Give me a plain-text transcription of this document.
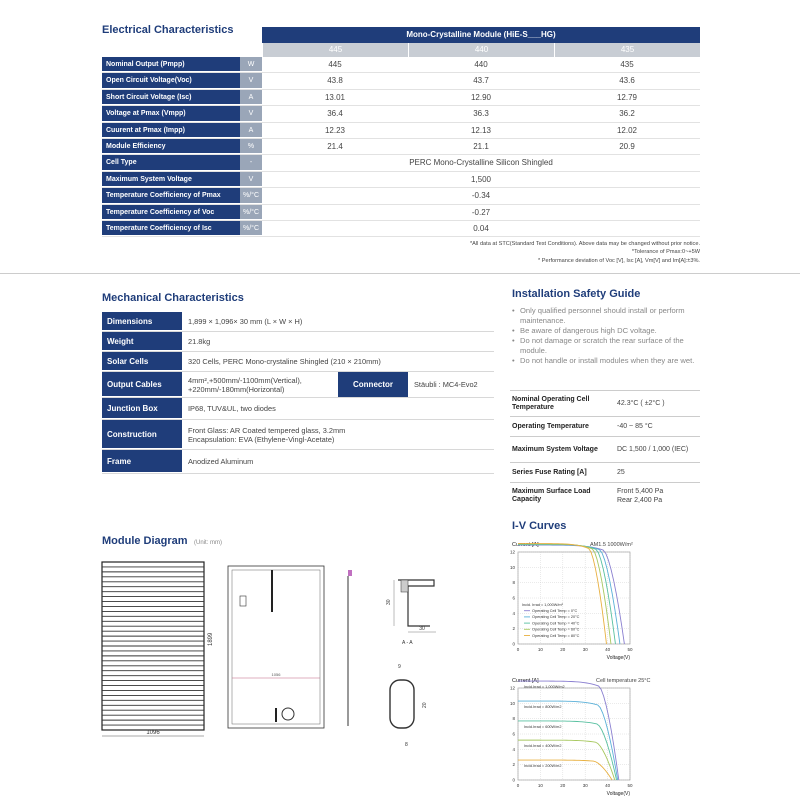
Electrical Characteristics	Mono-Crystalline Module (HiE-S___HG)
445	440	435
Nominal Output (Pmpp)	W	445	440	435
Open Circuit Voltage(Voc)	V	43.8	43.7	43.6
Short Circuit Voltage (Isc)	A	13.01	12.90	12.79
Voltage at Pmax (Vmpp)	V	36.4	36.3	36.2
Cuurent at Pmax (Impp)	A	12.23	12.13	12.02
Module Efficiency	%	21.4	21.1	20.9
Cell Type	-	PERC Mono-Crystalline Silicon Shingled
Maximum System Voltage	V	1,500
Temperature Coefficiency of Pmax	%/°C	-0.34
Temperature Coefficiency of Voc	%/°C	-0.27
Temperature Coefficiency of Isc	%/°C	0.04
*All data at STC(Standard Test Conditions). Above data may be changed without prior notice.
*Tolerance of Pmax:0~+5W
* Performance deviation of Voc [V], Isc [A], Vm[V] and Im[A]:±3%.
Mechanical Characteristics
Dimensions	1,899 × 1,096× 30 mm (L × W × H)
Weight	21.8kg
Solar Cells	320 Cells, PERC Mono-crystaline Shingled (210 × 210mm)
Output Cables	4mm²,+500mm/-1100mm(Vertical),
+220mm/-180mm(Horizontal)	Connector	Stäubli : MC4-Evo2
Junction Box	IP68, TUV&UL, two diodes
Construction	Front Glass: AR Coated tempered glass, 3.2mm
Encapsulation: EVA (Ethylene-Vingl-Acetate)
Frame	Anodized Aluminum
Installation Safety Guide
• Only qualified personnel should install or perform maintenance.
• Be aware of dangerous high DC voltage.
• Do not damage or scratch the rear surface of the module.
• Do not handle or install modules when they are wet.
Nominal Operating Cell Temperature	42.3°C ( ±2°C )
Operating Temperature	-40 ~ 85 °C
Maximum System Voltage	DC 1,500 / 1,000 (IEC)
Series Fuse Rating [A]	25
Maximum Surface Load Capacity
Front 5,400 Pa
Rear 2,400 Pa
Module Diagram (Unit: mm)
1096
1899
1056
30
30
A - A
9
20
8
I-V Curves
0	10	20	30	40	50
0
2
4
6
8
10
12
Current [A]
Voltage(V)
AM1.5 1000W/m²
Operating Cell Temp = 0°C
Operating Cell Temp = 20°C
Operating Cell Temp = 40°C
Operating Cell Temp = 60°C
Operating Cell Temp = 80°C
Incid. Irrad = 1,000W/m²
0	10	20	30	40	50
0
2
4
6
8
10
12
Current [A]
Voltage(V)
Cell temperature 25°C
Incid.Irrad = 1,000W/m2
Incid.Irrad = 800W/m2
Incid.Irrad = 600W/m2
Incid.Irrad = 400W/m2
Incid.Irrad = 200W/m2
